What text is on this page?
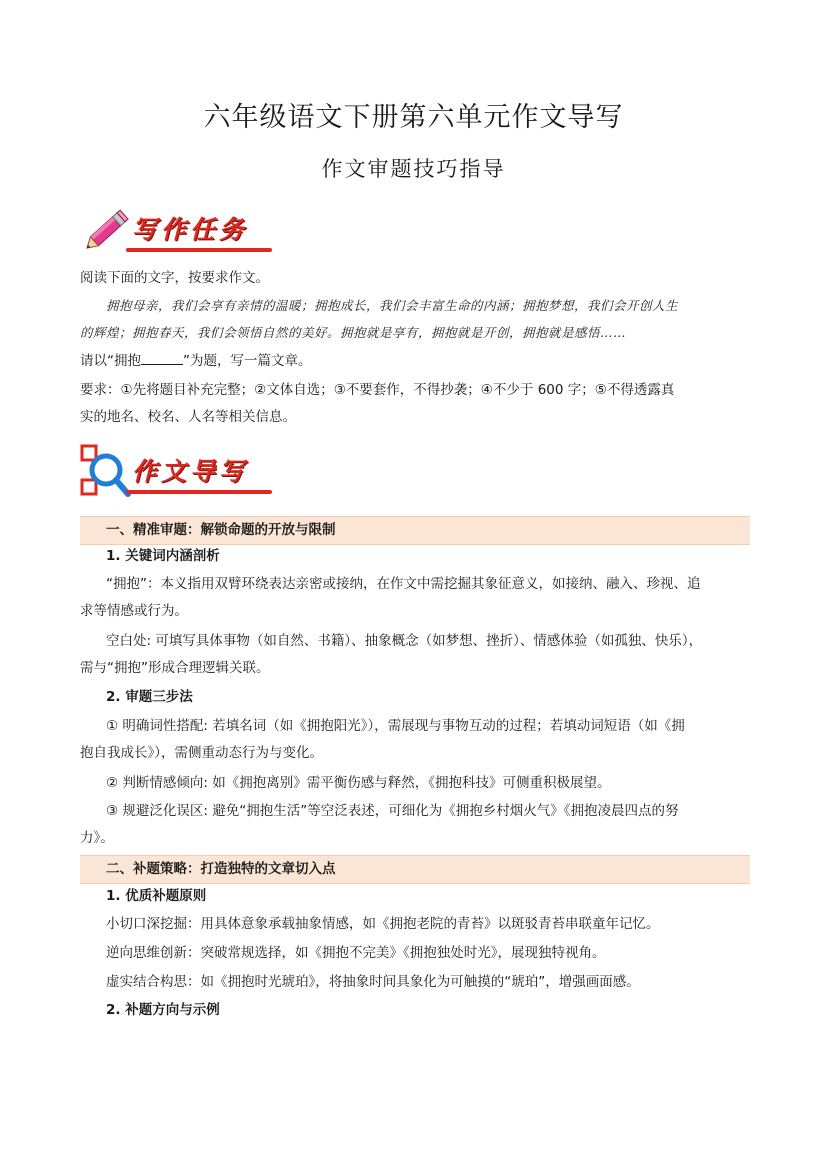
六年级语文下册第六单元作文导写
作文审题技巧指导
写作任务

阅读下面的文字，按要求作文。

拥抱母亲，我们会享有亲情的温暖；拥抱成长，我们会丰富生命的内涵；拥抱梦想，我们会开创人生

的辉煌；拥抱春天，我们会领悟自然的美好。拥抱就是享有，拥抱就是开创，拥抱就是感悟……

请以“拥抱	”为题，写一篇文章。

要求：①先将题目补充完整；②文体自选；③不要套作，不得抄袭；④不少于 600 字；⑤不得透露真

实的地名、校名、人名等相关信息。

作文导写
一、精准审题：解锁命题的开放与限制
1. 关键词内涵剖析

“拥抱”：本义指用双臂环绕表达亲密或接纳，在作文中需挖掘其象征意义，如接纳、融入、珍视、追

求等情感或行为。

空白处: 可填写具体事物（如自然、书籍）、抽象概念（如梦想、挫折）、情感体验（如孤独、快乐），

需与“拥抱”形成合理逻辑关联。

2. 审题三步法

① 明确词性搭配: 若填名词（如《拥抱阳光》），需展现与事物互动的过程；若填动词短语（如《拥

抱自我成长》），需侧重动态行为与变化。

② 判断情感倾向: 如《拥抱离别》需平衡伤感与释然，《拥抱科技》可侧重积极展望。

③ 规避泛化误区: 避免“拥抱生活”等空泛表述，可细化为《拥抱乡村烟火气》《拥抱凌晨四点的努

力》。

二、补题策略：打造独特的文章切入点
1. 优质补题原则

小切口深挖掘：用具体意象承载抽象情感，如《拥抱老院的青苔》以斑驳青苔串联童年记忆。

逆向思维创新：突破常规选择，如《拥抱不完美》《拥抱独处时光》，展现独特视角。

虚实结合构思：如《拥抱时光琥珀》，将抽象时间具象化为可触摸的“琥珀”，增强画面感。

2. 补题方向与示例
